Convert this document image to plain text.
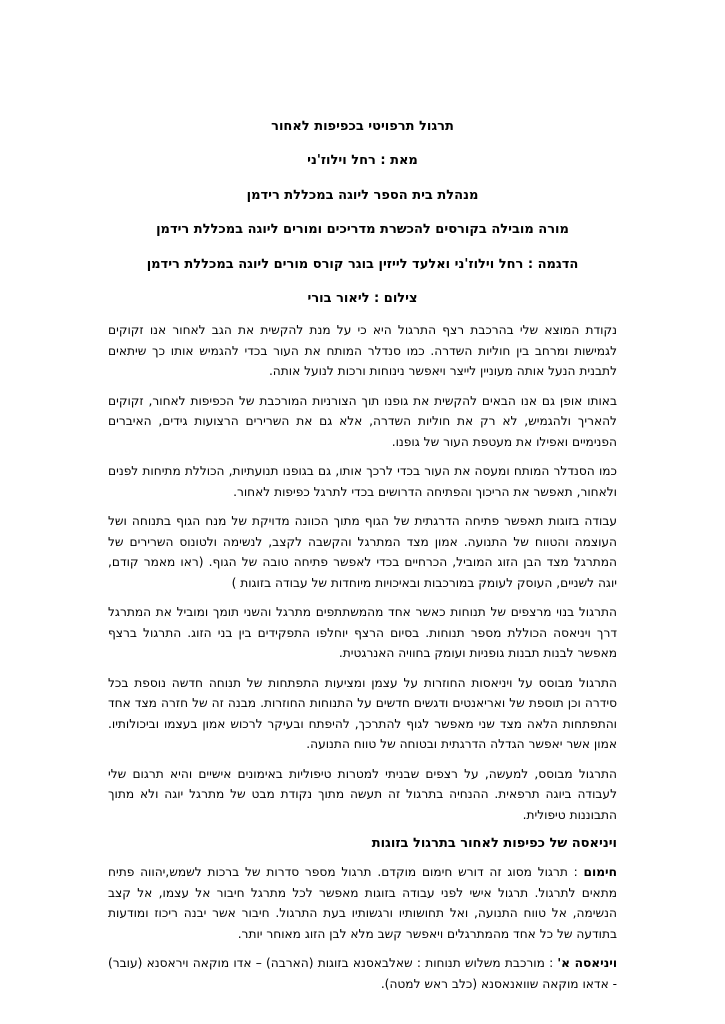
תרגול תרפויטי בכפיפות לאחור
מאת : רחל וילוז'ני
מנהלת בית הספר ליוגה במכללת רידמן
מורה מובילה בקורסים להכשרת מדריכים ומורים ליוגה במכללת רידמן
הדגמה : רחל וילוז'ני ואלעד לייזין בוגר קורס מורים ליוגה במכללת רידמן
צילום : ליאור בורי

נקודת המוצא שלי בהרכבת רצף התרגול היא כי על מנת להקשית את הגב לאחור אנו זקוקים לגמישות ומרחב בין חוליות השדרה. כמו סנדלר המותח את העור בכדי להגמיש אותו כך שיתאים לתבנית הנעל אותה מעוניין לייצר ויאפשר נינוחות ורכות לנועל אותה.

באותו אופן גם אנו הבאים להקשית את גופנו תוך הצורניות המורכבת של הכפיפות לאחור, זקוקים להאריך ולהגמיש, לא רק את חוליות השדרה, אלא גם את השרירים הרצועות גידים, האיברים הפנימיים ואפילו את מעטפת העור של גופנו.

כמו הסנדלר המותח ומעסה את העור בכדי לרכך אותו, גם בגופנו תנועתיות, הכוללת מתיחות לפנים ולאחור, תאפשר את הריכוך והפתיחה הדרושים בכדי לתרגל כפיפות לאחור.

עבודה בזוגות תאפשר פתיחה הדרגתית של הגוף מתוך הכוונה מדויקת של מנח הגוף בתנוחה ושל העוצמה והטווח של התנועה. אמון מצד המתרגל והקשבה לקצב, לנשימה ולטונוס השרירים של המתרגל מצד הבן הזוג המוביל, הכרחיים בכדי לאפשר פתיחה טובה של הגוף. (ראו מאמר קודם, יוגה לשניים, העוסק לעומק במורכבות ובאיכויות מיוחדות של עבודה בזוגות )

התרגול בנוי מרצפים של תנוחות כאשר אחד מהמשתתפים מתרגל והשני תומך ומוביל את המתרגל דרך ויניאסה הכוללת מספר תנוחות. בסיום הרצף יוחלפו התפקידים בין בני הזוג. התרגול ברצף מאפשר לבנות תבנות גופניות ועומק בחוויה האנרגטית.

התרגול מבוסס על ויניאסות החוזרות על עצמן ומציעות התפתחות של תנוחה חדשה נוספת בכל סידרה וכן תוספת של ואריאנטים ודגשים חדשים על התנוחות החוזרות. מבנה זה של חזרה מצד אחד והתפתחות הלאה מצד שני מאפשר לגוף להתרכך, להיפתח ובעיקר לרכוש אמון בעצמו וביכולותיו. אמון אשר יאפשר הגדלה הדרגתית ובטוחה של טווח התנועה.

התרגול מבוסס, למעשה, על רצפים שבניתי למטרות טיפוליות באימונים אישיים והיא תרגום שלי לעבודה ביוגה תרפאית. ההנחיה בתרגול זה תעשה מתוך נקודת מבט של מתרגל יוגה ולא מתוך התבוננות טיפולית.

ויניאסה של כפיפות לאחור בתרגול בזוגות

חימום : תרגול מסוג זה דורש חימום מוקדם. תרגול מספר סדרות של ברכות לשמש,יהווה פתיח מתאים לתרגול. תרגול אישי לפני עבודה בזוגות מאפשר לכל מתרגל חיבור אל עצמו, אל קצב הנשימה, אל טווח התנועה, ואל תחושותיו ורגשותיו בעת התרגול. חיבור אשר יבנה ריכוז ומודעות בתודעה של כל אחד מהמתרגלים ויאפשר קשב מלא לבן הזוג מאוחר יותר.

ויניאסה א' : מורכבת משלוש תנוחות : שאלבאסנא בזוגות (הארבה) – אדו מוקאה ויראסנא (עובר) - אדאו מוקאה שוואנאסנא (כלב ראש למטה).
